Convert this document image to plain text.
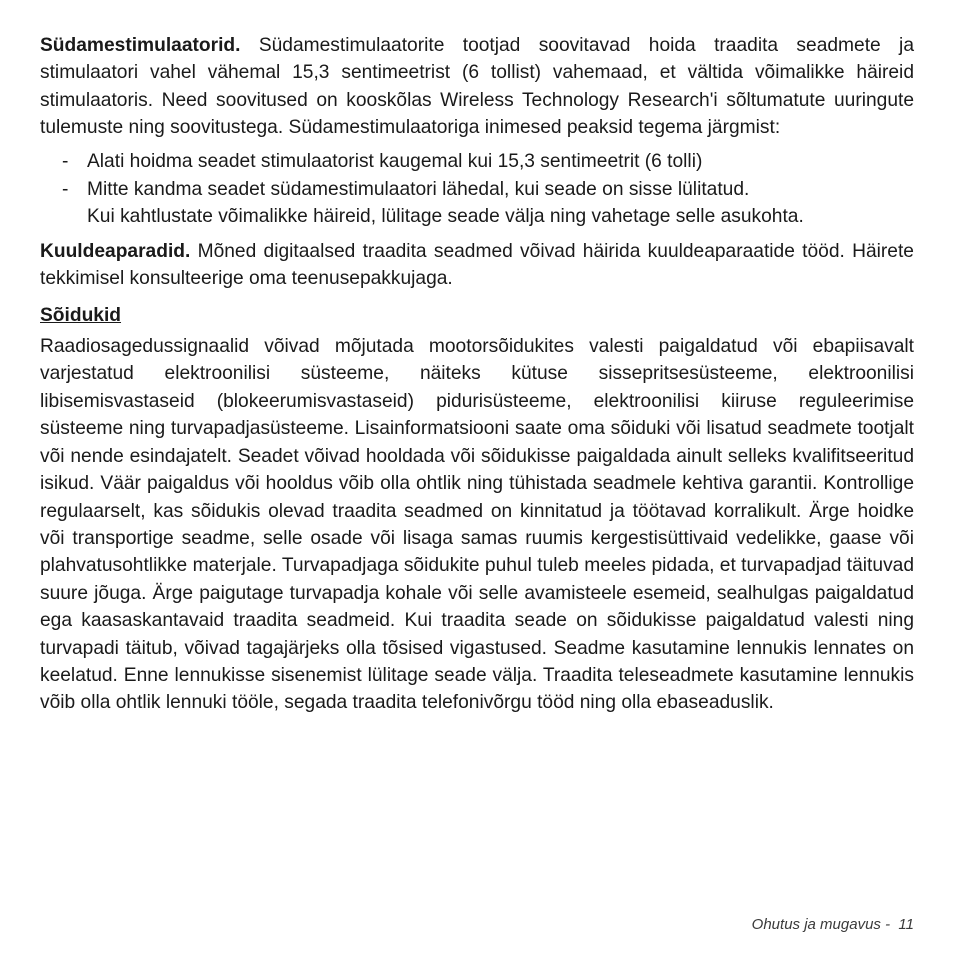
Südamestimulaatorid. Südamestimulaatorite tootjad soovitavad hoida traadita seadmete ja stimulaatori vahel vähemal 15,3 sentimeetrist (6 tollist) vahemaad, et vältida võimalikke häireid stimulaatoris. Need soovitused on kooskõlas Wireless Technology Research'i sõltumatute uuringute tulemuste ning soovitustega. Südamestimulaatoriga inimesed peaksid tegema järgmist:

- Alati hoidma seadet stimulaatorist kaugemal kui 15,3 sentimeetrit (6 tolli)
- Mitte kandma seadet südamestimulaatori lähedal, kui seade on sisse lülitatud.
Kui kahtlustate võimalikke häireid, lülitage seade välja ning vahetage selle asukohta.

Kuuldeaparadid. Mõned digitaalsed traadita seadmed võivad häirida kuuldeaparaatide tööd. Häirete tekkimisel konsulteerige oma teenusepakkujaga.

Sõidukid

Raadiosagedussignaalid võivad mõjutada mootorsõidukites valesti paigaldatud või ebapiisavalt varjestatud elektroonilisi süsteeme, näiteks kütuse sissepritsesüsteeme, elektroonilisi libisemisvastaseid (blokeerumisvastaseid) pidurisüsteeme, elektroonilisi kiiruse reguleerimise süsteeme ning turvapadjasüsteeme. Lisainformatsiooni saate oma sõiduki või lisatud seadmete tootjalt või nende esindajatelt. Seadet võivad hooldada või sõidukisse paigaldada ainult selleks kvalifitseeritud isikud. Väär paigaldus või hooldus võib olla ohtlik ning tühistada seadmele kehtiva garantii. Kontrollige regulaarselt, kas sõidukis olevad traadita seadmed on kinnitatud ja töötavad korralikult. Ärge hoidke või transportige seadme, selle osade või lisaga samas ruumis kergestisüttivaid vedelikke, gaase või plahvatusohtlikke materjale. Turvapadjaga sõidukite puhul tuleb meeles pidada, et turvapadjad täituvad suure jõuga. Ärge paigutage turvapadja kohale või selle avamisteele esemeid, sealhulgas paigaldatud ega kaasaskantavaid traadita seadmeid. Kui traadita seade on sõidukisse paigaldatud valesti ning turvapadi täitub, võivad tagajärjeks olla tõsised vigastused. Seadme kasutamine lennukis lennates on keelatud. Enne lennukisse sisenemist lülitage seade välja. Traadita teleseadmete kasutamine lennukis võib olla ohtlik lennuki tööle, segada traadita telefonivõrgu tööd ning olla ebaseaduslik.

Ohutus ja mugavus - 11
